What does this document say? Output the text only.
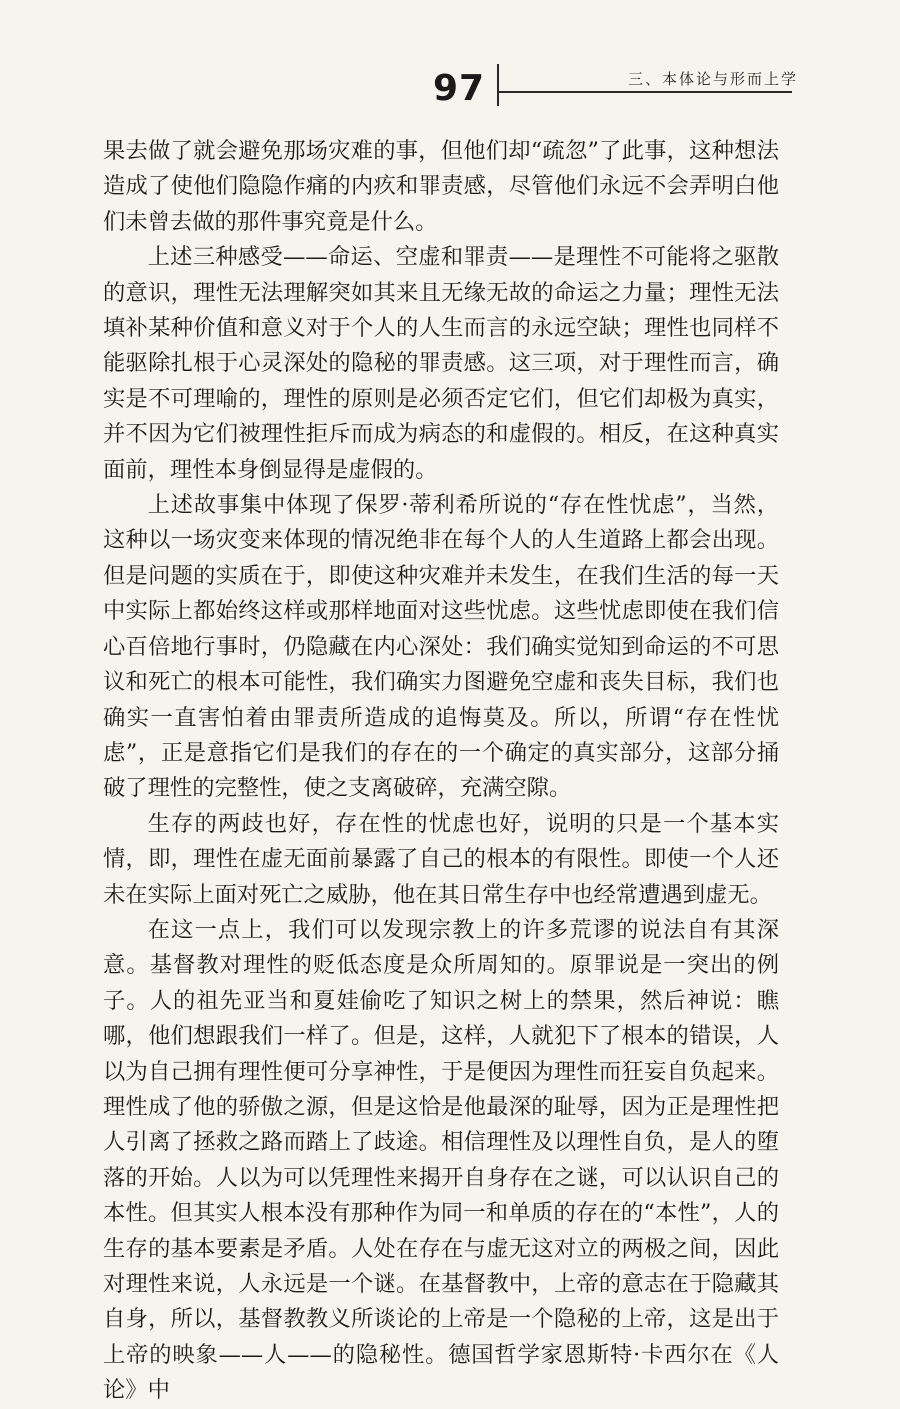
97	三、本体论与形而上学

果去做了就会避免那场灾难的事，但他们却“疏忽”了此事，这种想法造成了使他们隐隐作痛的内疚和罪责感，尽管他们永远不会弄明白他们未曾去做的那件事究竟是什么。

上述三种感受——命运、空虚和罪责——是理性不可能将之驱散的意识，理性无法理解突如其来且无缘无故的命运之力量；理性无法填补某种价值和意义对于个人的人生而言的永远空缺；理性也同样不能驱除扎根于心灵深处的隐秘的罪责感。这三项，对于理性而言，确实是不可理喻的，理性的原则是必须否定它们，但它们却极为真实，并不因为它们被理性拒斥而成为病态的和虚假的。相反，在这种真实面前，理性本身倒显得是虚假的。

上述故事集中体现了保罗·蒂利希所说的“存在性忧虑”，当然，这种以一场灾变来体现的情况绝非在每个人的人生道路上都会出现。但是问题的实质在于，即使这种灾难并未发生，在我们生活的每一天中实际上都始终这样或那样地面对这些忧虑。这些忧虑即使在我们信心百倍地行事时，仍隐藏在内心深处：我们确实觉知到命运的不可思议和死亡的根本可能性，我们确实力图避免空虚和丧失目标，我们也确实一直害怕着由罪责所造成的追悔莫及。所以，所谓“存在性忧虑”，正是意指它们是我们的存在的一个确定的真实部分，这部分捅破了理性的完整性，使之支离破碎，充满空隙。

生存的两歧也好，存在性的忧虑也好，说明的只是一个基本实情，即，理性在虚无面前暴露了自己的根本的有限性。即使一个人还未在实际上面对死亡之威胁，他在其日常生存中也经常遭遇到虚无。

在这一点上，我们可以发现宗教上的许多荒谬的说法自有其深意。基督教对理性的贬低态度是众所周知的。原罪说是一突出的例子。人的祖先亚当和夏娃偷吃了知识之树上的禁果，然后神说：瞧哪，他们想跟我们一样了。但是，这样，人就犯下了根本的错误，人以为自己拥有理性便可分享神性，于是便因为理性而狂妄自负起来。理性成了他的骄傲之源，但是这恰是他最深的耻辱，因为正是理性把人引离了拯救之路而踏上了歧途。相信理性及以理性自负，是人的堕落的开始。人以为可以凭理性来揭开自身存在之谜，可以认识自己的本性。但其实人根本没有那种作为同一和单质的存在的“本性”，人的生存的基本要素是矛盾。人处在存在与虚无这对立的两极之间，因此对理性来说，人永远是一个谜。在基督教中，上帝的意志在于隐藏其自身，所以，基督教教义所谈论的上帝是一个隐秘的上帝，这是出于上帝的映象——人——的隐秘性。德国哲学家恩斯特·卡西尔在《人论》中
